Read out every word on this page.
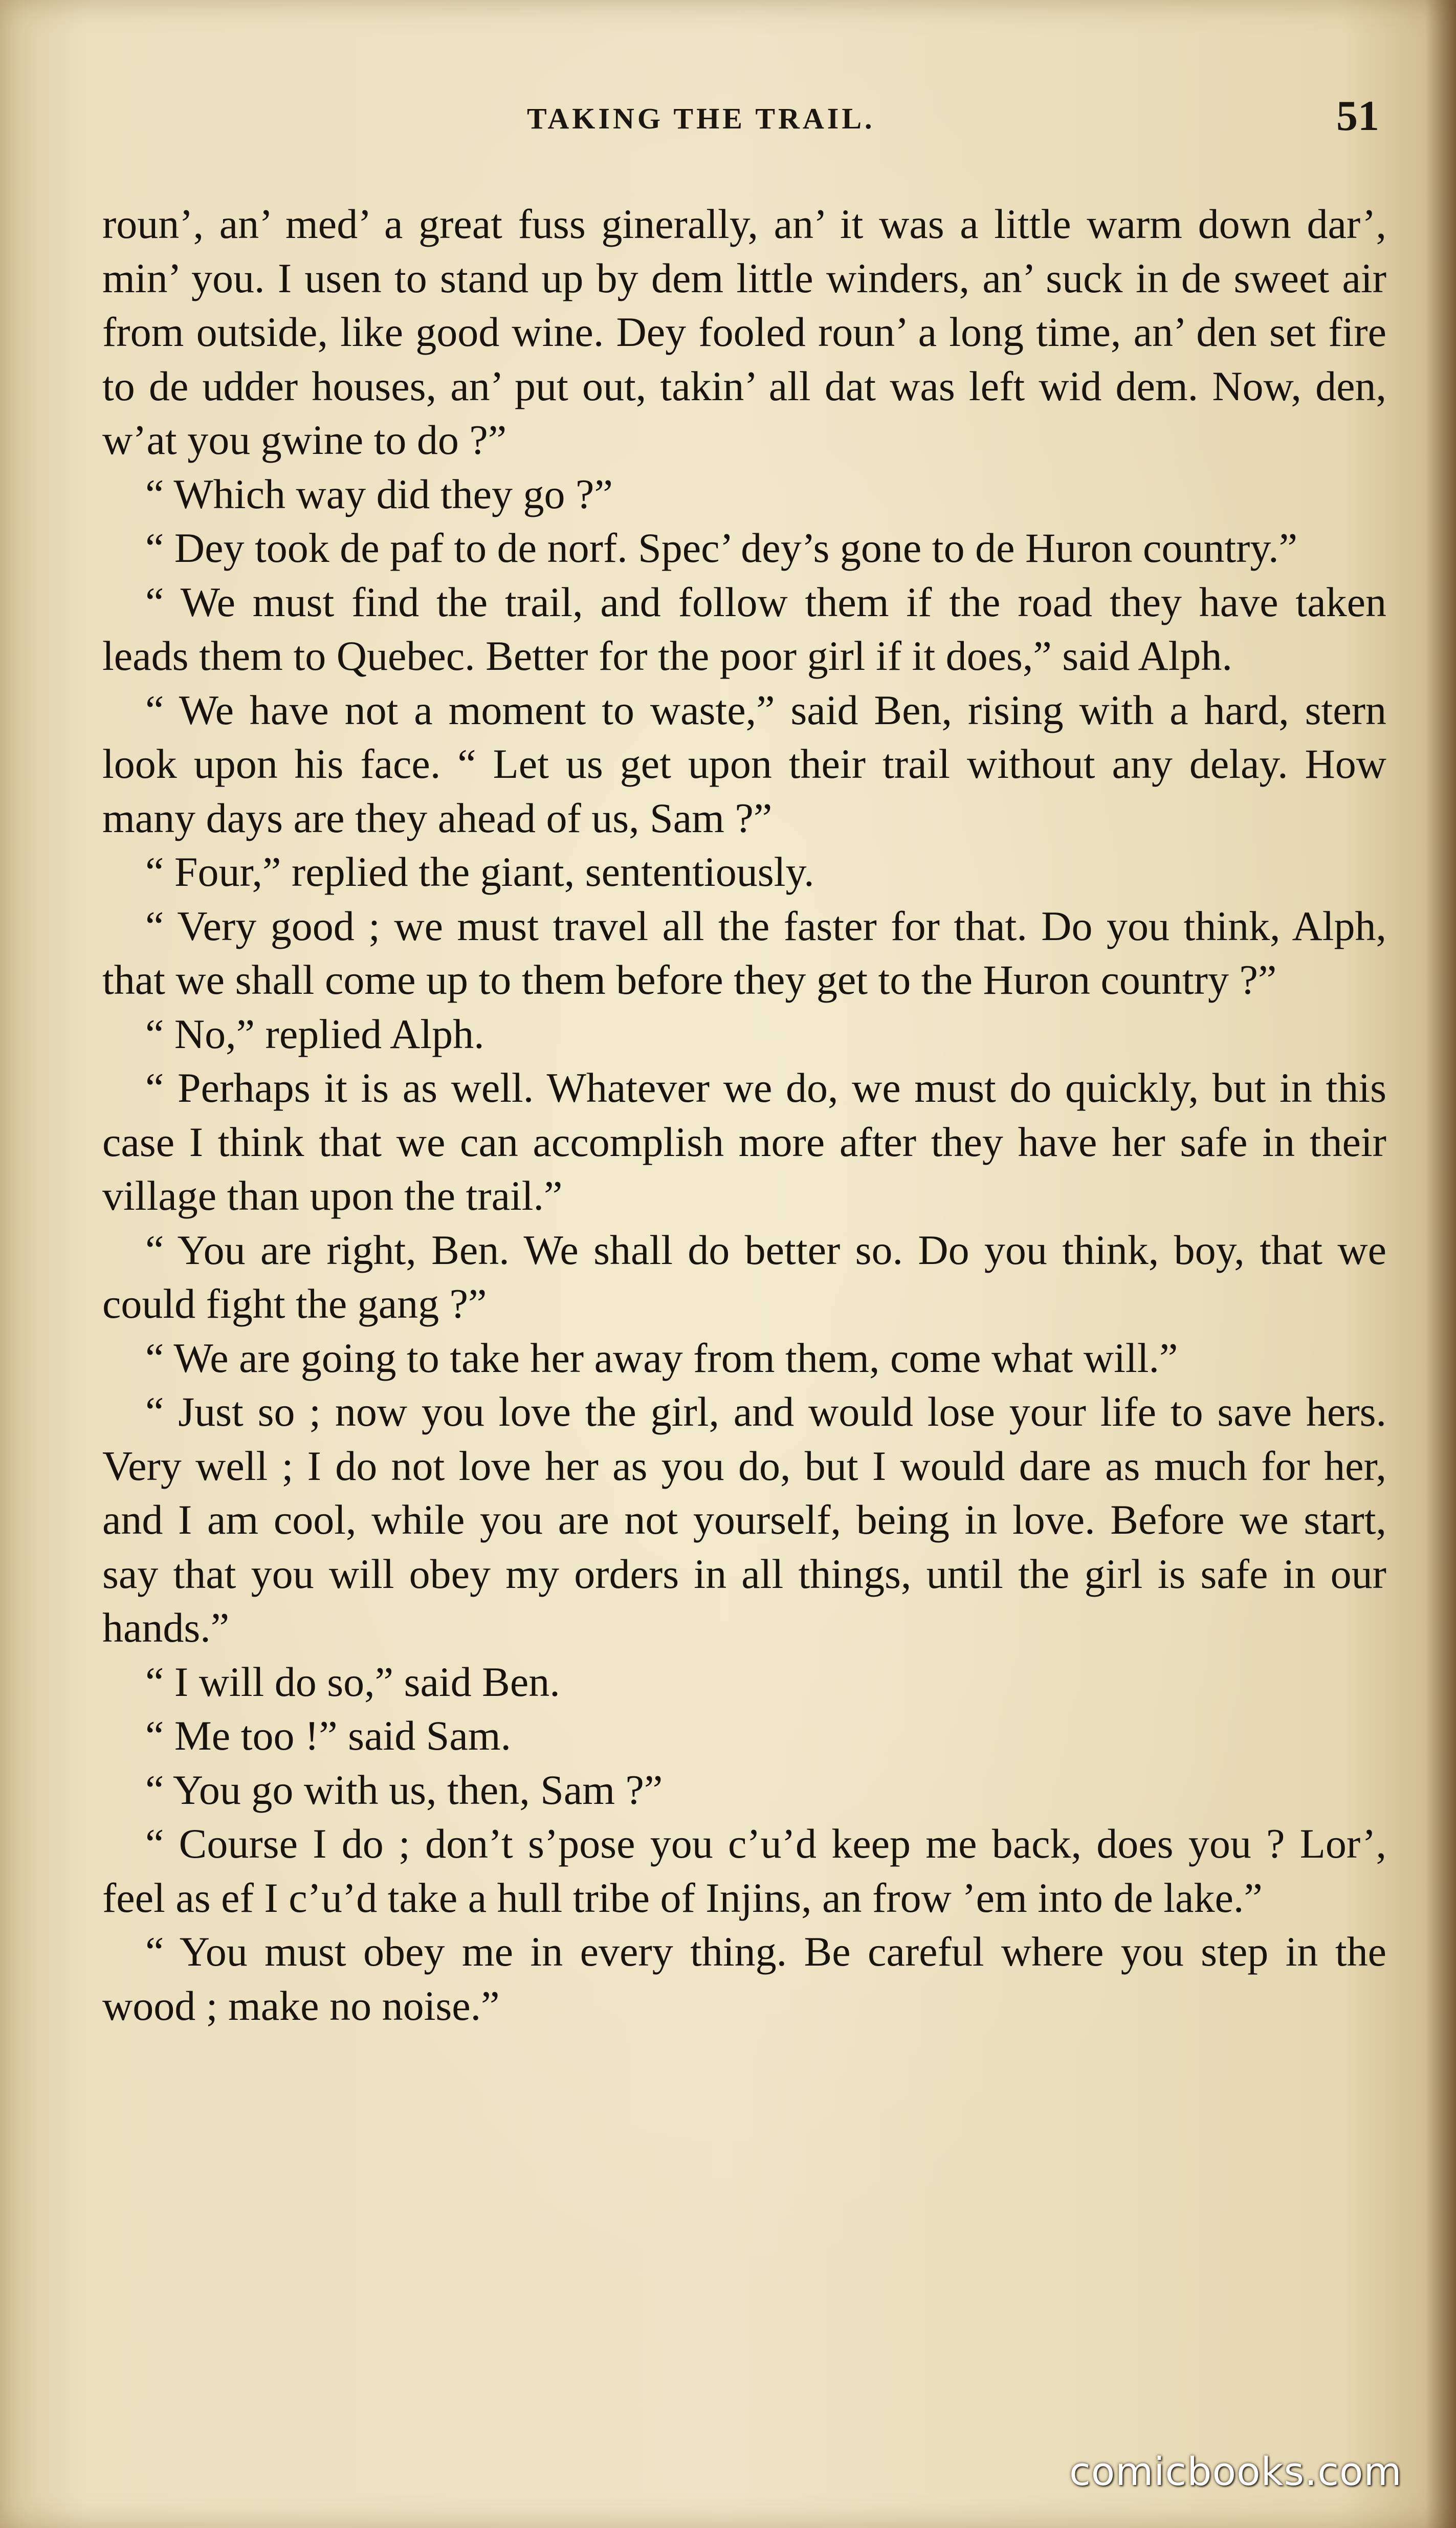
TAKING THE TRAIL.	51

roun’, an’ med’ a great fuss ginerally, an’ it was a little warm down dar’, min’ you. I usen to stand up by dem little winders, an’ suck in de sweet air from outside, like good wine. Dey fooled roun’ a long time, an’ den set fire to de udder houses, an’ put out, takin’ all dat was left wid dem. Now, den, w’at you gwine to do ?”

“ Which way did they go ?”

“ Dey took de paf to de norf. Spec’ dey’s gone to de Huron country.”

“ We must find the trail, and follow them if the road they have taken leads them to Quebec. Better for the poor girl if it does,” said Alph.

“ We have not a moment to waste,” said Ben, rising with a hard, stern look upon his face. “ Let us get upon their trail without any delay. How many days are they ahead of us, Sam ?”

“ Four,” replied the giant, sententiously.

“ Very good ; we must travel all the faster for that. Do you think, Alph, that we shall come up to them before they get to the Huron country ?”

“ No,” replied Alph.

“ Perhaps it is as well. Whatever we do, we must do quickly, but in this case I think that we can accomplish more after they have her safe in their village than upon the trail.”

“ You are right, Ben. We shall do better so. Do you think, boy, that we could fight the gang ?”

“ We are going to take her away from them, come what will.”

“ Just so ; now you love the girl, and would lose your life to save hers. Very well ; I do not love her as you do, but I would dare as much for her, and I am cool, while you are not yourself, being in love. Before we start, say that you will obey my orders in all things, until the girl is safe in our hands.”

“ I will do so,” said Ben.

“ Me too !” said Sam.

“ You go with us, then, Sam ?”

“ Course I do ; don’t s’pose you c’u’d keep me back, does you ? Lor’, feel as ef I c’u’d take a hull tribe of Injins, an frow ’em into de lake.”

“ You must obey me in every thing. Be careful where you step in the wood ; make no noise.”

comicbooks.com
